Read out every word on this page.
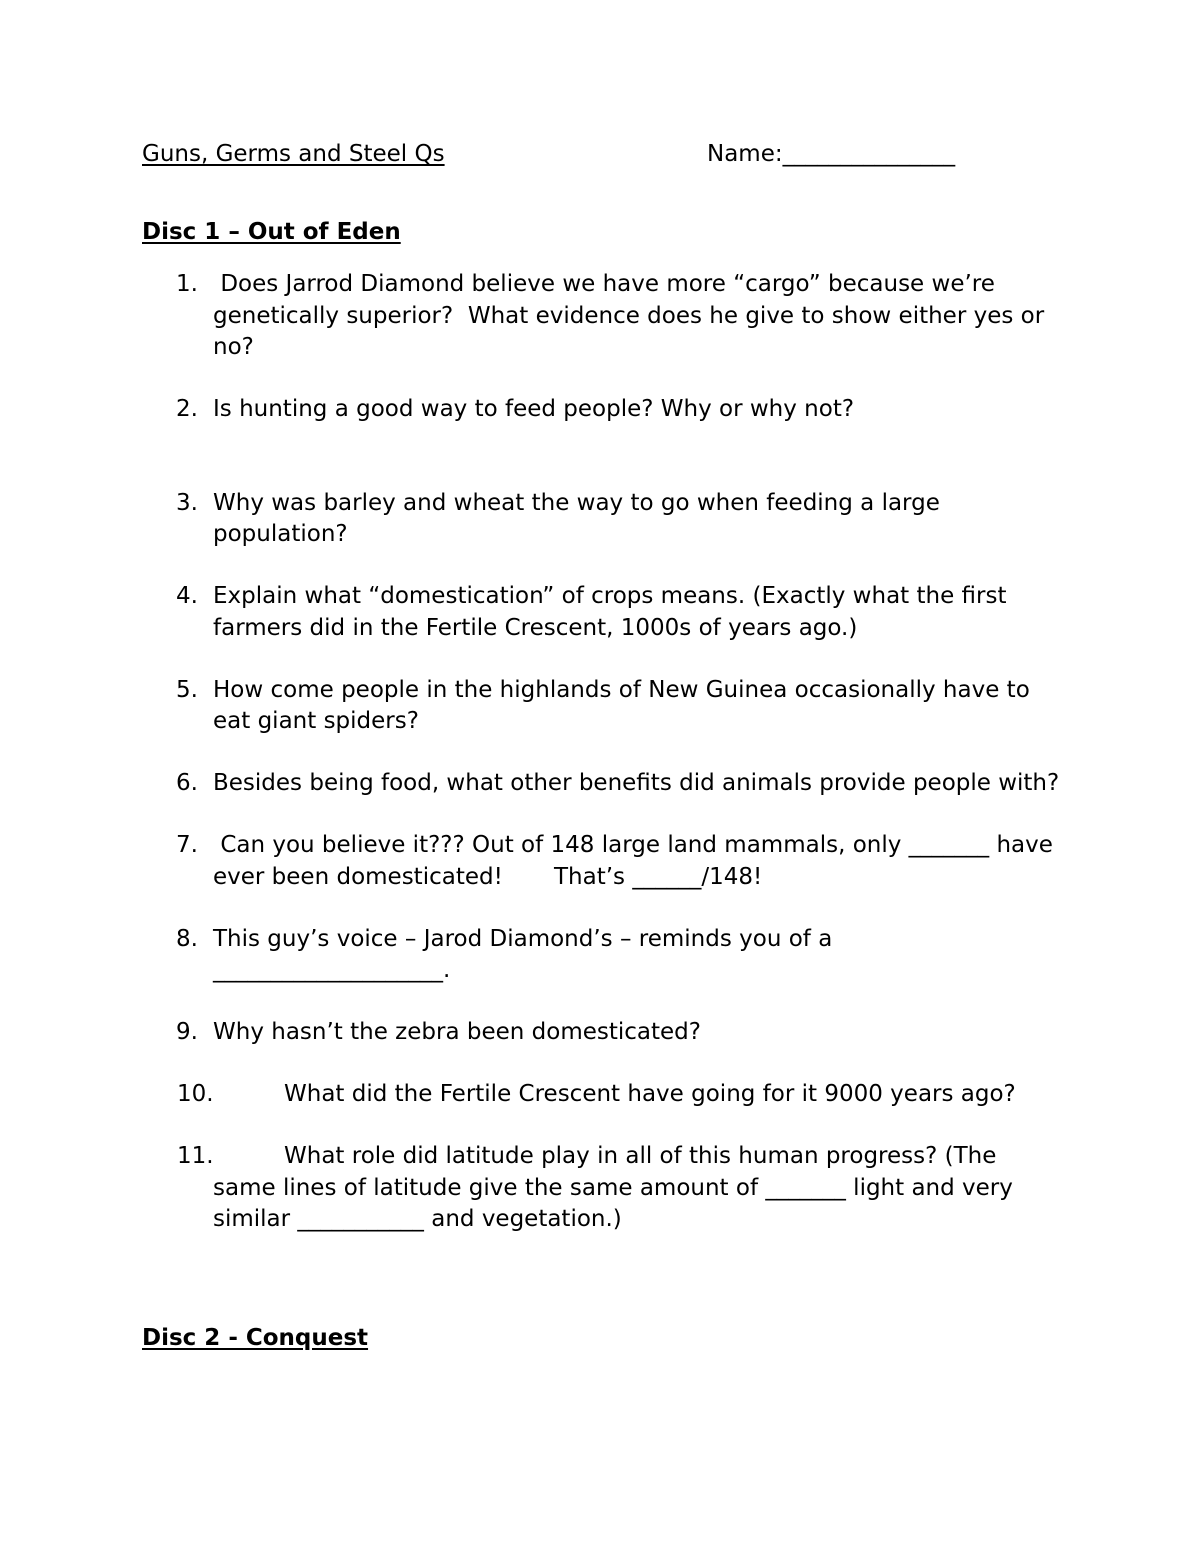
Guns, Germs and Steel Qs	Name:_______________
Disc 1 – Out of Eden
1. Does Jarrod Diamond believe we have more “cargo” because we’re genetically superior?  What evidence does he give to show either yes or no?
2. Is hunting a good way to feed people? Why or why not?
3. Why was barley and wheat the way to go when feeding a large population?
4. Explain what “domestication” of crops means. (Exactly what the first farmers did in the Fertile Crescent, 1000s of years ago.)
5. How come people in the highlands of New Guinea occasionally have to eat giant spiders?
6. Besides being food, what other benefits did animals provide people with?
7. Can you believe it??? Out of 148 large land mammals, only _______ have ever been domesticated!       That’s ______/148!
8. This guy’s voice – Jarod Diamond’s – reminds you of a ____________________.
9. Why hasn’t the zebra been domesticated?
10.	What did the Fertile Crescent have going for it 9000 years ago?
11.	What role did latitude play in all of this human progress? (The same lines of latitude give the same amount of _______ light and very similar ___________ and vegetation.)
Disc 2 - Conquest
